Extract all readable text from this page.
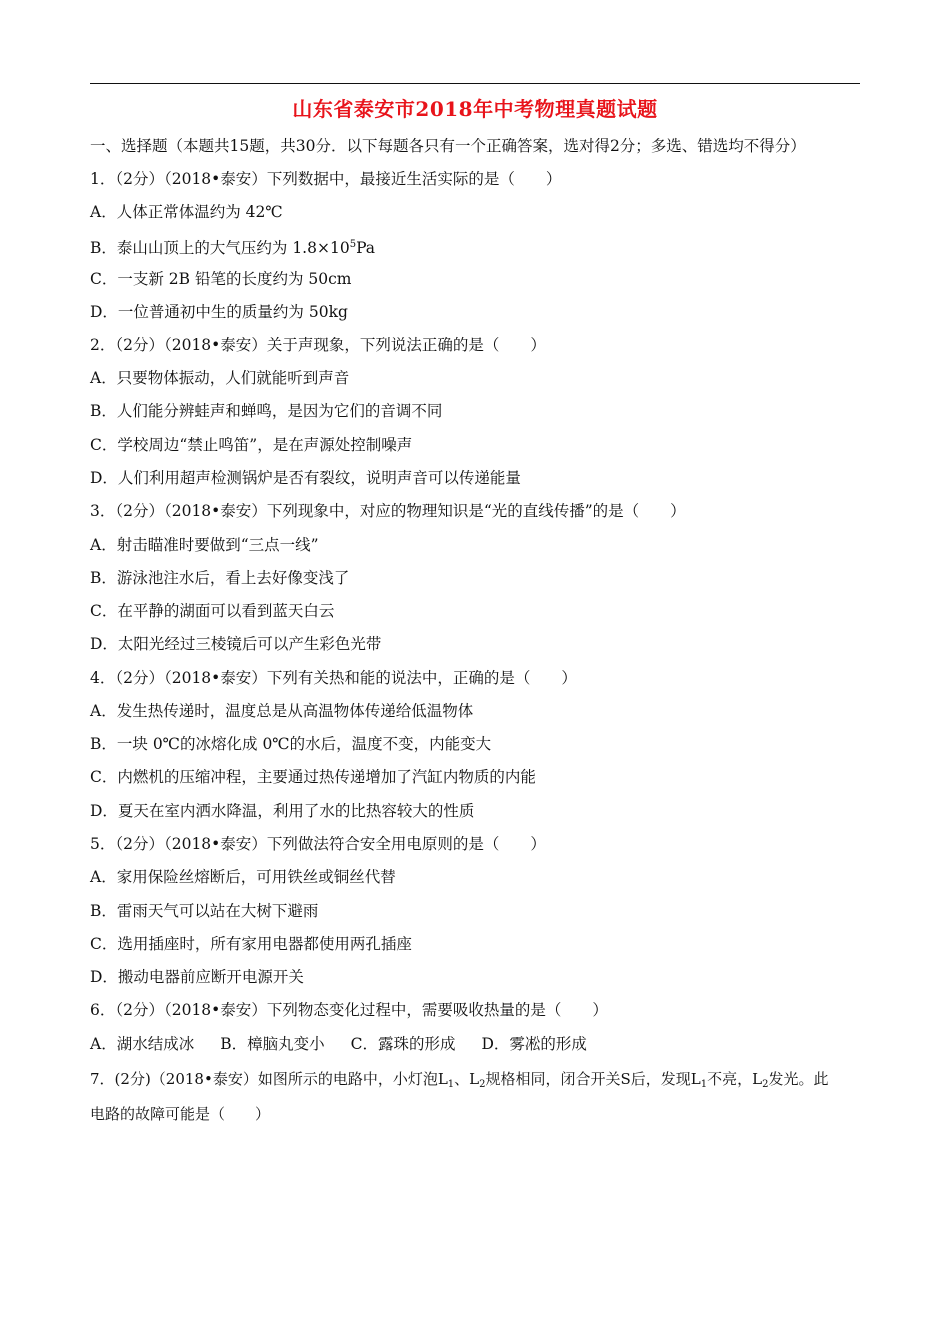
山东省泰安市2018年中考物理真题试题
一、选择题（本题共15题，共30分．以下每题各只有一个正确答案，选对得2分；多选、错选均不得分）
1．（2分）（2018•泰安）下列数据中，最接近生活实际的是（　　）
A．人体正常体温约为 42℃
B．泰山山顶上的大气压约为 $1.8\times 10^5Pa$
C．一支新 2B 铅笔的长度约为 50cm
D．一位普通初中生的质量约为 50kg
2．（2分）（2018•泰安）关于声现象，下列说法正确的是（　　）
A．只要物体振动，人们就能听到声音
B．人们能分辨蛙声和蝉鸣，是因为它们的音调不同
C．学校周边“禁止鸣笛”，是在声源处控制噪声
D．人们利用超声检测锅炉是否有裂纹，说明声音可以传递能量
3．（2分）（2018•泰安）下列现象中，对应的物理知识是“光的直线传播”的是（　　）
A．射击瞄准时要做到“三点一线”
B．游泳池注水后，看上去好像变浅了
C．在平静的湖面可以看到蓝天白云
D．太阳光经过三棱镜后可以产生彩色光带
4．（2分）（2018•泰安）下列有关热和能的说法中，正确的是（　　）
A．发生热传递时，温度总是从高温物体传递给低温物体
B．一块 0℃的冰熔化成 0℃的水后，温度不变，内能变大
C．内燃机的压缩冲程，主要通过热传递增加了汽缸内物质的内能
D．夏天在室内洒水降温，利用了水的比热容较大的性质
5．（2分）（2018•泰安）下列做法符合安全用电原则的是（　　）
A．家用保险丝熔断后，可用铁丝或铜丝代替
B．雷雨天气可以站在大树下避雨
C．选用插座时，所有家用电器都使用两孔插座
D．搬动电器前应断开电源开关
6．（2分）（2018•泰安）下列物态变化过程中，需要吸收热量的是（　　）
A．湖水结成冰 B．樟脑丸变小 C．露珠的形成 D．雾凇的形成
7．(2分)（2018•泰安）如图所示的电路中，小灯泡$L_1$、$L_2$规格相同，闭合开关S后，发现$L_1$不亮，$L_2$发光。此
电路的故障可能是（　　）
